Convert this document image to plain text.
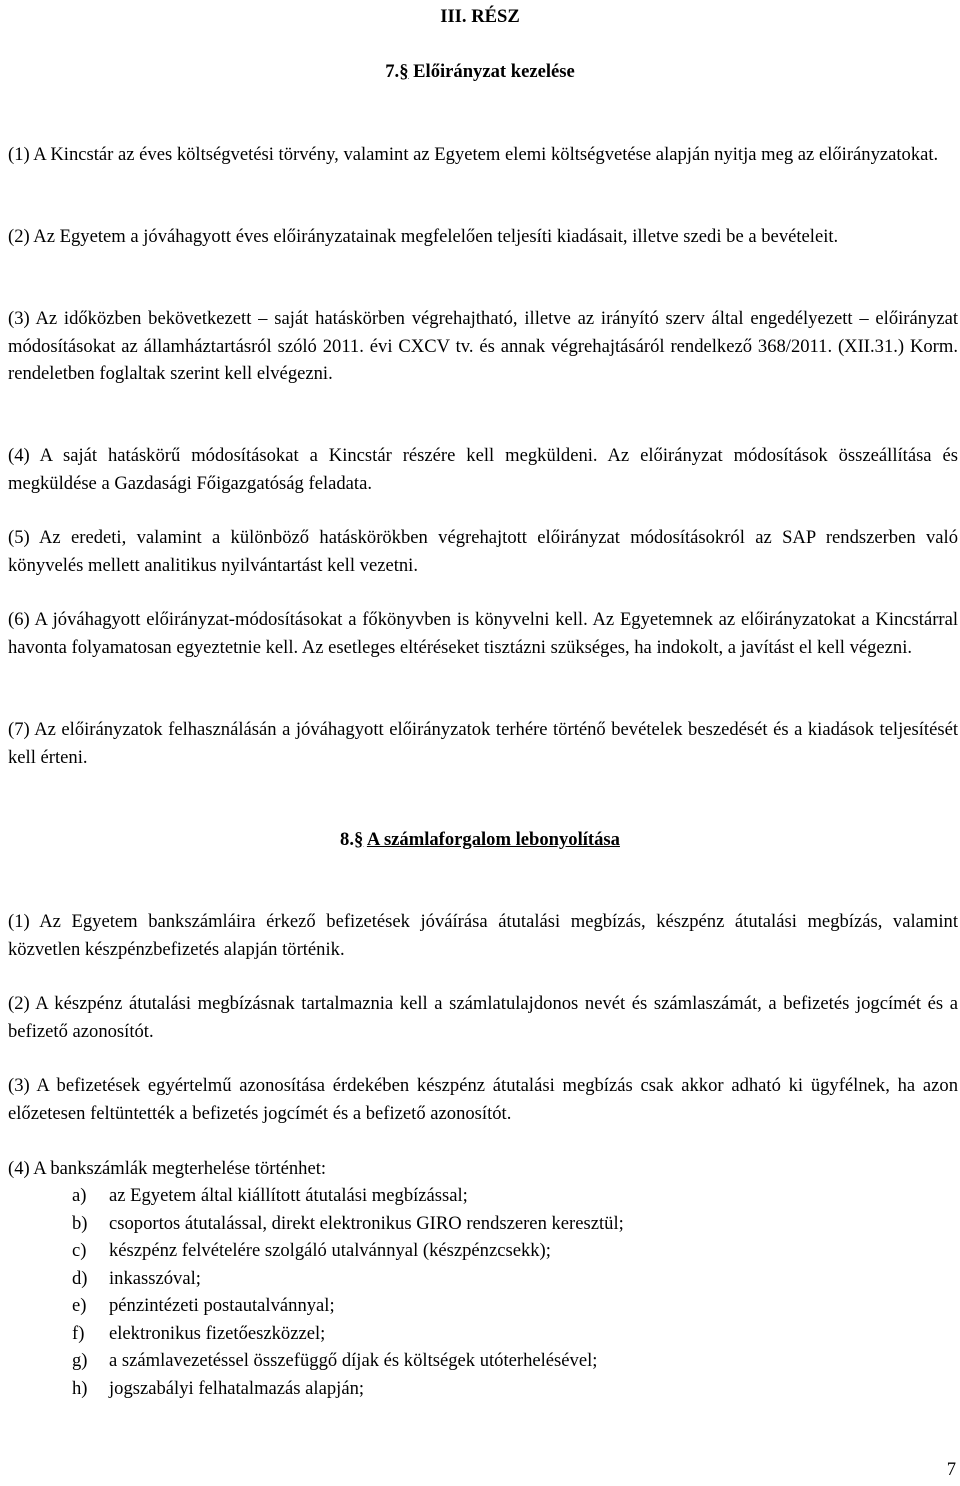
III. RÉSZ
7.§ Előirányzat kezelése
(1) A Kincstár az éves költségvetési törvény, valamint az Egyetem elemi költségvetése alapján nyitja meg az előirányzatokat.
(2) Az Egyetem a jóváhagyott éves előirányzatainak megfelelően teljesíti kiadásait, illetve szedi be a bevételeit.
(3) Az időközben bekövetkezett – saját hatáskörben végrehajtható, illetve az irányító szerv által engedélyezett – előirányzat módosításokat az államháztartásról szóló 2011. évi CXCV tv. és annak végrehajtásáról rendelkező 368/2011. (XII.31.) Korm. rendeletben foglaltak szerint kell elvégezni.
(4) A saját hatáskörű módosításokat a Kincstár részére kell megküldeni. Az előirányzat módosítások összeállítása és megküldése a Gazdasági Főigazgatóság feladata.
(5) Az eredeti, valamint a különböző hatáskörökben végrehajtott előirányzat módosításokról az SAP rendszerben való könyvelés mellett analitikus nyilvántartást kell vezetni.
(6) A jóváhagyott előirányzat-módosításokat a főkönyvben is könyvelni kell. Az Egyetemnek az előirányzatokat a Kincstárral havonta folyamatosan egyeztetnie kell. Az esetleges eltéréseket tisztázni szükséges, ha indokolt, a javítást el kell végezni.
(7) Az előirányzatok felhasználásán a jóváhagyott előirányzatok terhére történő bevételek beszedését és a kiadások teljesítését kell érteni.
8.§ A számlaforgalom lebonyolítása
(1) Az Egyetem bankszámláira érkező befizetések jóváírása átutalási megbízás, készpénz átutalási megbízás, valamint közvetlen készpénzbefizetés alapján történik.
(2) A készpénz átutalási megbízásnak tartalmaznia kell a számlatulajdonos nevét és számlaszámát, a befizetés jogcímét és a befizető azonosítót.
(3) A befizetések egyértelmű azonosítása érdekében készpénz átutalási megbízás csak akkor adható ki ügyfélnek, ha azon előzetesen feltüntették a befizetés jogcímét és a befizető azonosítót.
(4) A bankszámlák megterhelése történhet:
a)	az Egyetem által kiállított átutalási megbízással;
b)	csoportos átutalással, direkt elektronikus GIRO rendszeren keresztül;
c)	készpénz felvételére szolgáló utalvánnyal (készpénzcsekk);
d)	inkasszóval;
e)	pénzintézeti postautalvánnyal;
f)	elektronikus fizetőeszközzel;
g)	a számlavezetéssel összefüggő díjak és költségek utóterhelésével;
h)	jogszabályi felhatalmazás alapján;
7
